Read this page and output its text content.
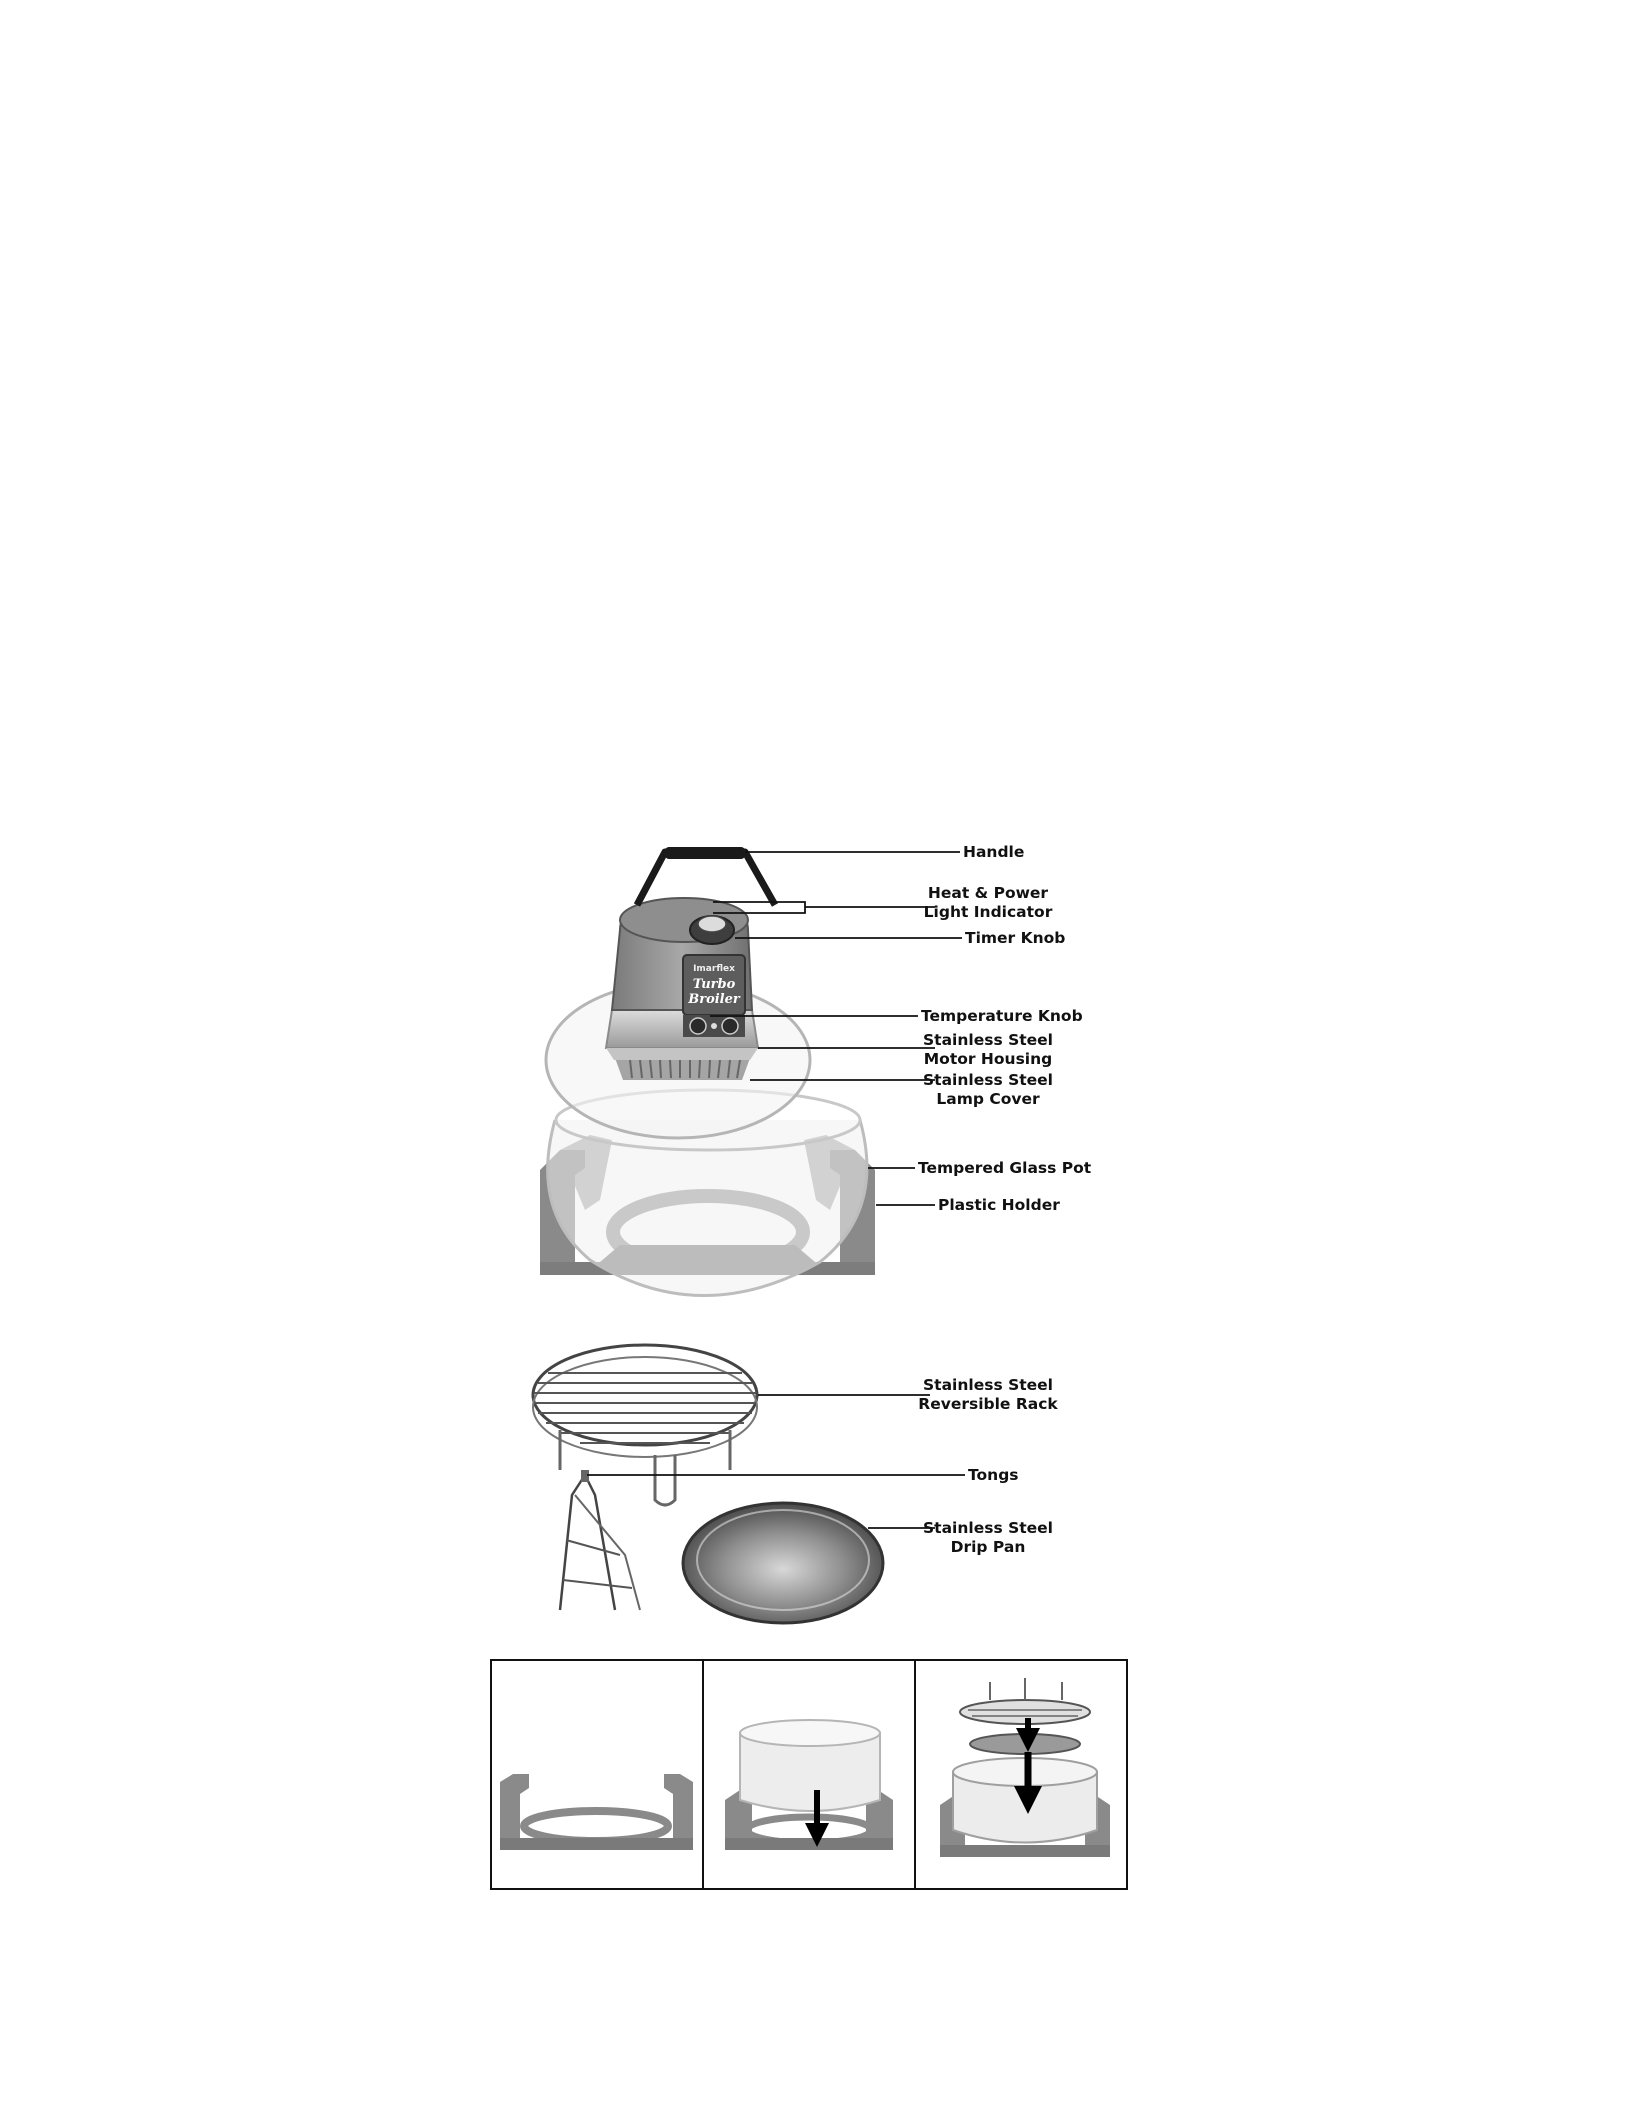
Imarflex
Turbo
Broiler
Handle
Heat & Power
Light Indicator
Timer Knob
Temperature Knob
Stainless Steel
Motor Housing
Stainless Steel
Lamp Cover
Tempered Glass Pot
Plastic Holder
Stainless Steel
Reversible Rack
Tongs
Stainless Steel
Drip Pan
